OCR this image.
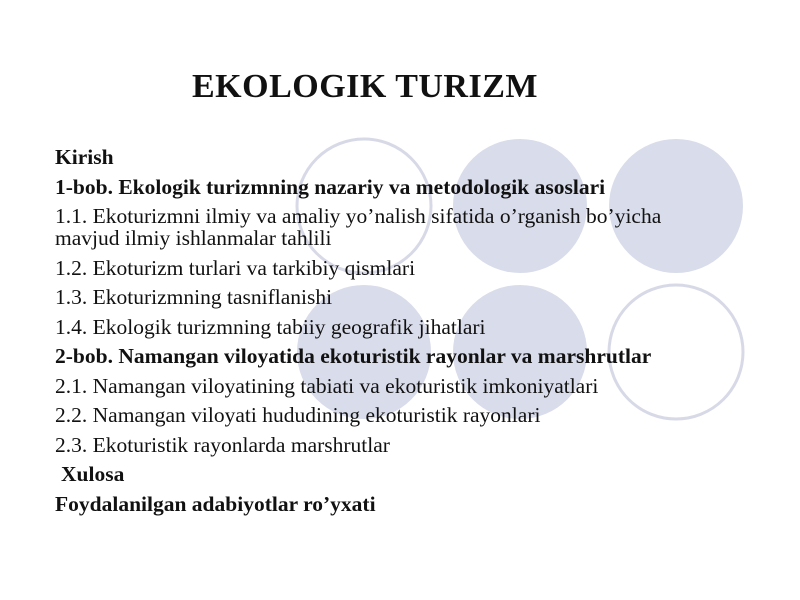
EKOLOGIK TURIZM
Kirish
1-bob. Ekologik turizmning nazariy va metodologik asoslari
1.1. Ekoturizmni ilmiy va amaliy yo’nalish sifatida o’rganish bo’yicha mavjud ilmiy ishlanmalar tahlili
1.2. Ekoturizm turlari va tarkibiy qismlari
1.3. Ekoturizmning tasniflanishi
1.4. Ekologik turizmning tabiiy geografik jihatlari
2-bob. Namangan viloyatida ekoturistik rayonlar va marshrutlar
2.1. Namangan viloyatining tabiati va ekoturistik imkoniyatlari
2.2. Namangan viloyati hududining ekoturistik rayonlari
2.3. Ekoturistik rayonlarda marshrutlar
Xulosa
Foydalanilgan adabiyotlar ro’yxati
